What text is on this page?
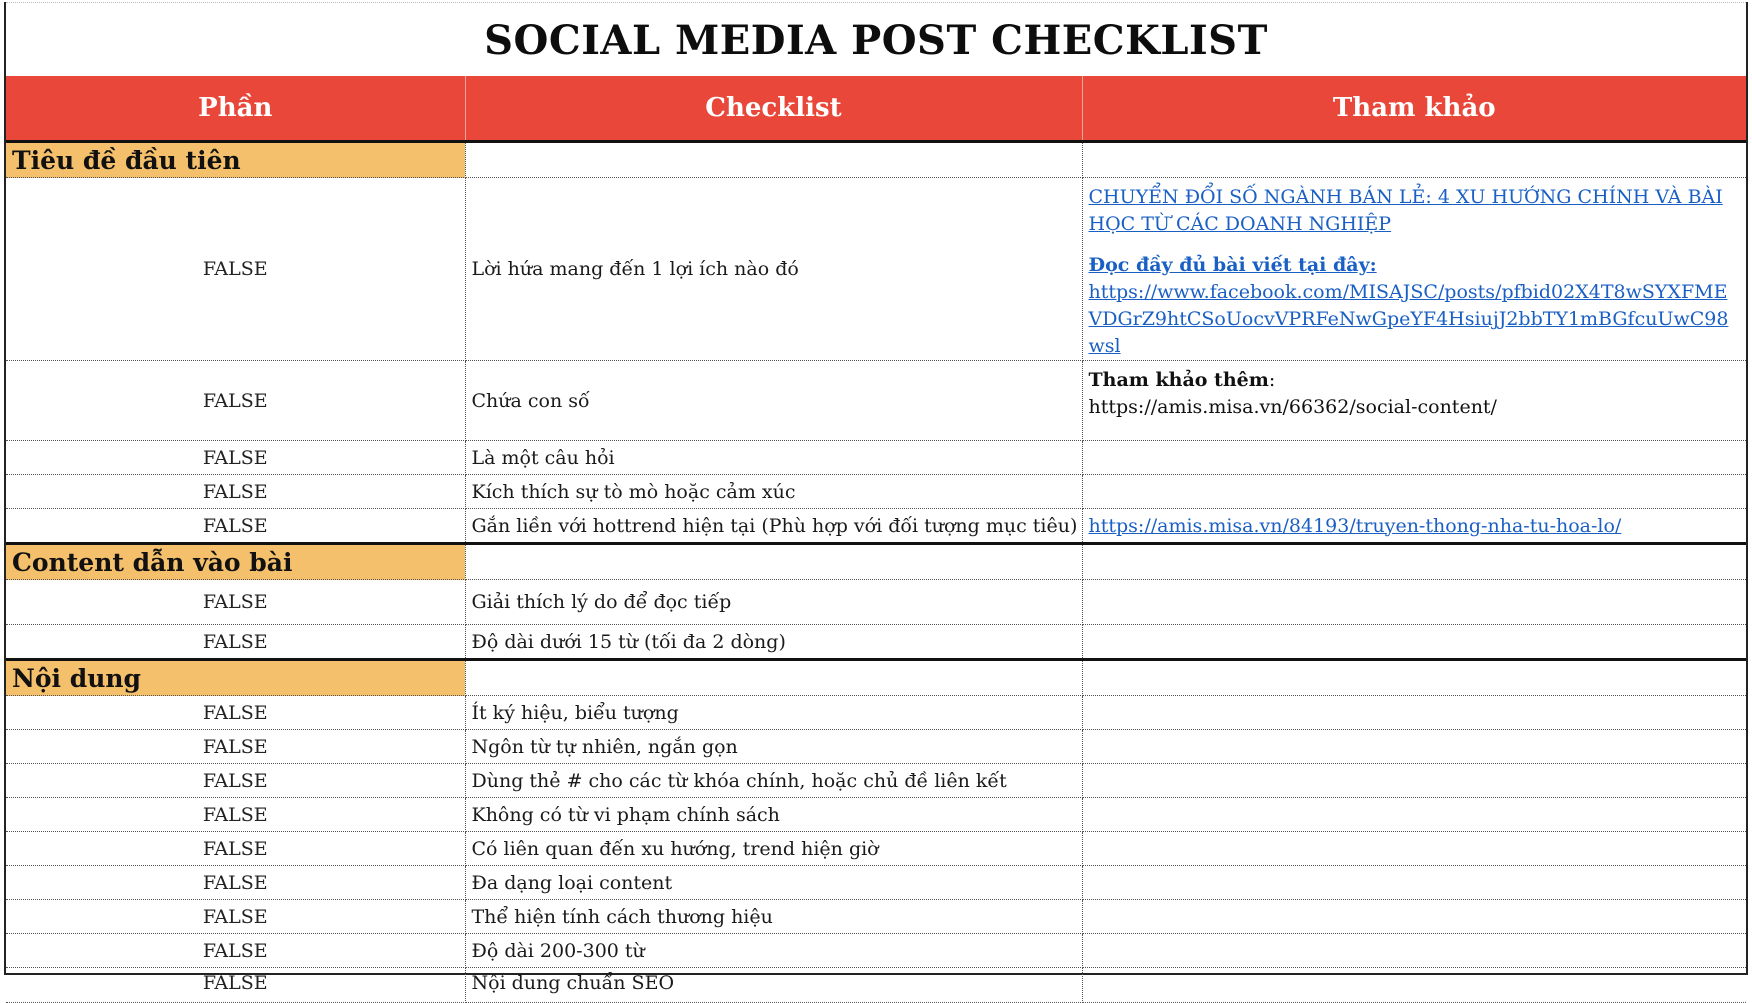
SOCIAL MEDIA POST CHECKLIST
Phần	Checklist	Tham khảo
Tiêu đề đầu tiên		
FALSE	Lời hứa mang đến 1 lợi ích nào đó	CHUYỂN ĐỔI SỐ NGÀNH BÁN LẺ: 4 XU HƯỚNG CHÍNH VÀ BÀI HỌC TỪ CÁC DOANH NGHIỆP
Đọc đầy đủ bài viết tại đây:
https://www.facebook.com/MISAJSC/posts/pfbid02X4T8wSYXFMEVDGrZ9htCSoUocvVPRFeNwGpeYF4HsiujJ2bbTY1mBGfcuUwC98wsl
FALSE	Chứa con số	Tham khảo thêm:
https://amis.misa.vn/66362/social-content/
FALSE	Là một câu hỏi	
FALSE	Kích thích sự tò mò hoặc cảm xúc	
FALSE	Gắn liền với hottrend hiện tại (Phù hợp với đối tượng mục tiêu)	https://amis.misa.vn/84193/truyen-thong-nha-tu-hoa-lo/
Content dẫn vào bài		
FALSE	Giải thích lý do để đọc tiếp	
FALSE	Độ dài dưới 15 từ (tối đa 2 dòng)	
Nội dung		
FALSE	Ít ký hiệu, biểu tượng	
FALSE	Ngôn từ tự nhiên, ngắn gọn	
FALSE	Dùng thẻ # cho các từ khóa chính, hoặc chủ đề liên kết	
FALSE	Không có từ vi phạm chính sách	
FALSE	Có liên quan đến xu hướng, trend hiện giờ	
FALSE	Đa dạng loại content	
FALSE	Thể hiện tính cách thương hiệu	
FALSE	Độ dài 200-300 từ	
FALSE	Nội dung chuẩn SEO	
